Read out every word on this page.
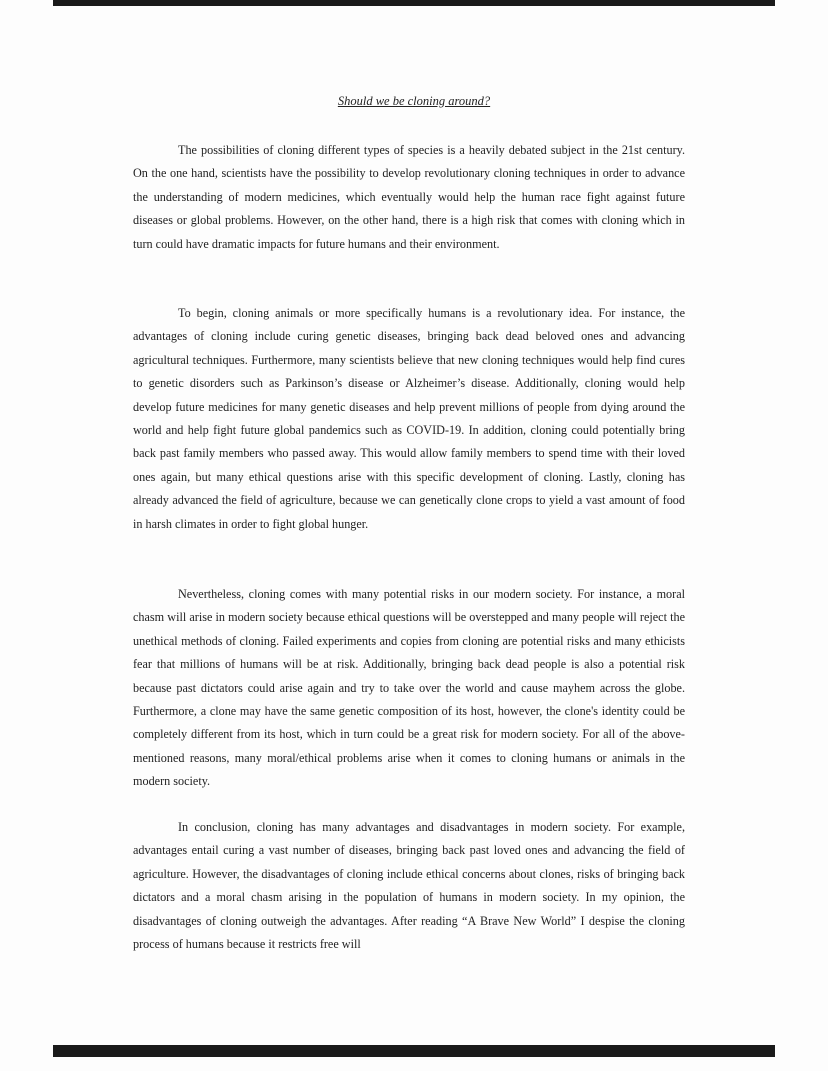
Should we be cloning around?

The possibilities of cloning different types of species is a heavily debated subject in the 21st century. On the one hand, scientists have the possibility to develop revolutionary cloning techniques in order to advance the understanding of modern medicines, which eventually would help the human race fight against future diseases or global problems. However, on the other hand, there is a high risk that comes with cloning which in turn could have dramatic impacts for future humans and their environment.

To begin, cloning animals or more specifically humans is a revolutionary idea. For instance, the advantages of cloning include curing genetic diseases, bringing back dead beloved ones and advancing agricultural techniques. Furthermore, many scientists believe that new cloning techniques would help find cures to genetic disorders such as Parkinson’s disease or Alzheimer’s disease. Additionally, cloning would help develop future medicines for many genetic diseases and help prevent millions of people from dying around the world and help fight future global pandemics such as COVID-19. In addition, cloning could potentially bring back past family members who passed away. This would allow family members to spend time with their loved ones again, but many ethical questions arise with this specific development of cloning. Lastly, cloning has already advanced the field of agriculture, because we can genetically clone crops to yield a vast amount of food in harsh climates in order to fight global hunger.

Nevertheless, cloning comes with many potential risks in our modern society. For instance, a moral chasm will arise in modern society because ethical questions will be overstepped and many people will reject the unethical methods of cloning. Failed experiments and copies from cloning are potential risks and many ethicists fear that millions of humans will be at risk. Additionally, bringing back dead people is also a potential risk because past dictators could arise again and try to take over the world and cause mayhem across the globe. Furthermore, a clone may have the same genetic composition of its host, however, the clone's identity could be completely different from its host, which in turn could be a great risk for modern society. For all of the above-mentioned reasons, many moral/ethical problems arise when it comes to cloning humans or animals in the modern society.

In conclusion, cloning has many advantages and disadvantages in modern society. For example, advantages entail curing a vast number of diseases, bringing back past loved ones and advancing the field of agriculture. However, the disadvantages of cloning include ethical concerns about clones, risks of bringing back dictators and a moral chasm arising in the population of humans in modern society. In my opinion, the disadvantages of cloning outweigh the advantages. After reading “A Brave New World” I despise the cloning process of humans because it restricts free will
